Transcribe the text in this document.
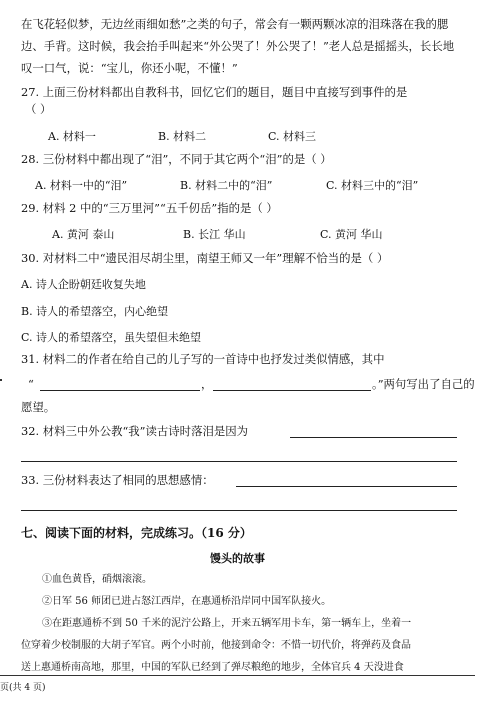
在飞花轻似梦，无边丝雨细如愁”之类的句子，常会有一颗两颗冰凉的泪珠落在我的腮
边、手背。这时候，我会抬手叫起来“外公哭了！外公哭了！”老人总是摇摇头，长长地
叹一口气，说：“宝儿，你还小呢，不懂！”
27. 上面三份材料都出自教科书，回忆它们的题目，题目中直接写到事件的是
（ ）
A. 材料一	B. 材料二	C. 材料三
28. 三份材料中都出现了“泪”，不同于其它两个“泪”的是（ ）
A. 材料一中的“泪”	B. 材料二中的“泪”	C. 材料三中的“泪”
29. 材料 2 中的“三万里河”“五千仞岳”指的是（ ）
A. 黄河 泰山	B. 长江 华山	C. 黄河 华山
30. 对材料二中“遗民泪尽胡尘里，南望王师又一年”理解不恰当的是（ ）
A. 诗人企盼朝廷收复失地
B. 诗人的希望落空，内心绝望
C. 诗人的希望落空，虽失望但未绝望
31. 材料二的作者在给自己的儿子写的一首诗中也抒发过类似情感，其中
“	，	。”两句写出了自己的
愿望。
32. 材料三中外公教“我”读古诗时落泪是因为
33. 三份材料表达了相同的思想感情：
七、阅读下面的材料，完成练习。（16 分）
馒头的故事
①血色黄昏，硝烟滚滚。
②日军 56 师团已进占怒江西岸，在惠通桥沿岸同中国军队接火。
③在距惠通桥不到 50 千米的泥泞公路上，开来五辆军用卡车，第一辆车上，坐着一
位穿着少校制服的大胡子军官。两个小时前，他接到命令：不惜一切代价，将弹药及食品
送上惠通桥南高地，那里，中国的军队已经到了弹尽粮绝的地步，全体官兵 4 天没进食
页(共 4 页)
